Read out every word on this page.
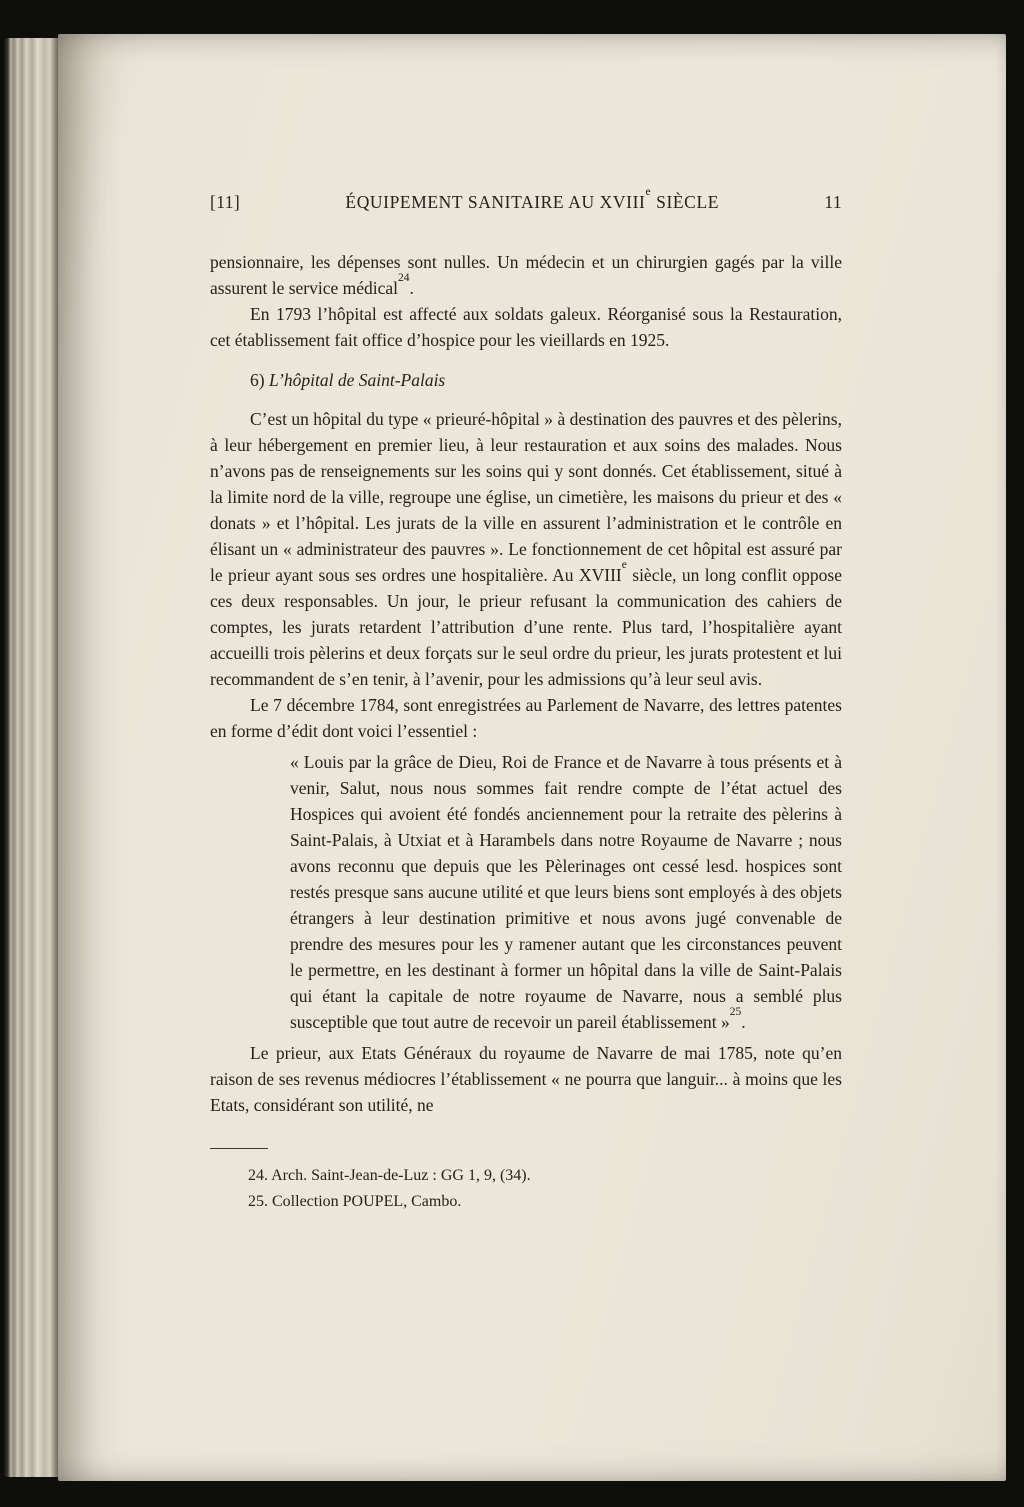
[11]	ÉQUIPEMENT SANITAIRE AU XVIIIe SIÈCLE	11

pensionnaire, les dépenses sont nulles. Un médecin et un chirurgien gagés par la ville assurent le service médical$^{24}$.

En 1793 l’hôpital est affecté aux soldats galeux. Réorganisé sous la Restauration, cet établissement fait office d’hospice pour les vieillards en 1925.

6) L’hôpital de Saint-Palais

C’est un hôpital du type « prieuré-hôpital » à destination des pauvres et des pèlerins, à leur hébergement en premier lieu, à leur restauration et aux soins des malades. Nous n’avons pas de renseignements sur les soins qui y sont donnés. Cet établissement, situé à la limite nord de la ville, regroupe une église, un cimetière, les maisons du prieur et des « donats » et l’hôpital. Les jurats de la ville en assurent l’administration et le contrôle en élisant un « administrateur des pauvres ». Le fonctionnement de cet hôpital est assuré par le prieur ayant sous ses ordres une hospitalière. Au XVIIIe siècle, un long conflit oppose ces deux responsables. Un jour, le prieur refusant la communication des cahiers de comptes, les jurats retardent l’attribution d’une rente. Plus tard, l’hospitalière ayant accueilli trois pèlerins et deux forçats sur le seul ordre du prieur, les jurats protestent et lui recommandent de s’en tenir, à l’avenir, pour les admissions qu’à leur seul avis.

Le 7 décembre 1784, sont enregistrées au Parlement de Navarre, des lettres patentes en forme d’édit dont voici l’essentiel :

« Louis par la grâce de Dieu, Roi de France et de Navarre à tous présents et à venir, Salut, nous nous sommes fait rendre compte de l’état actuel des Hospices qui avoient été fondés anciennement pour la retraite des pèlerins à Saint-Palais, à Utxiat et à Harambels dans notre Royaume de Navarre ; nous avons reconnu que depuis que les Pèlerinages ont cessé lesd. hospices sont restés presque sans aucune utilité et que leurs biens sont employés à des objets étrangers à leur destination primitive et nous avons jugé convenable de prendre des mesures pour les y ramener autant que les circonstances peuvent le permettre, en les destinant à former un hôpital dans la ville de Saint-Palais qui étant la capitale de notre royaume de Navarre, nous a semblé plus susceptible que tout autre de recevoir un pareil établissement »$^{25}$.

Le prieur, aux Etats Généraux du royaume de Navarre de mai 1785, note qu’en raison de ses revenus médiocres l’établissement « ne pourra que languir... à moins que les Etats, considérant son utilité, ne

24. Arch. Saint-Jean-de-Luz : GG 1, 9, (34).

25. Collection POUPEL, Cambo.
